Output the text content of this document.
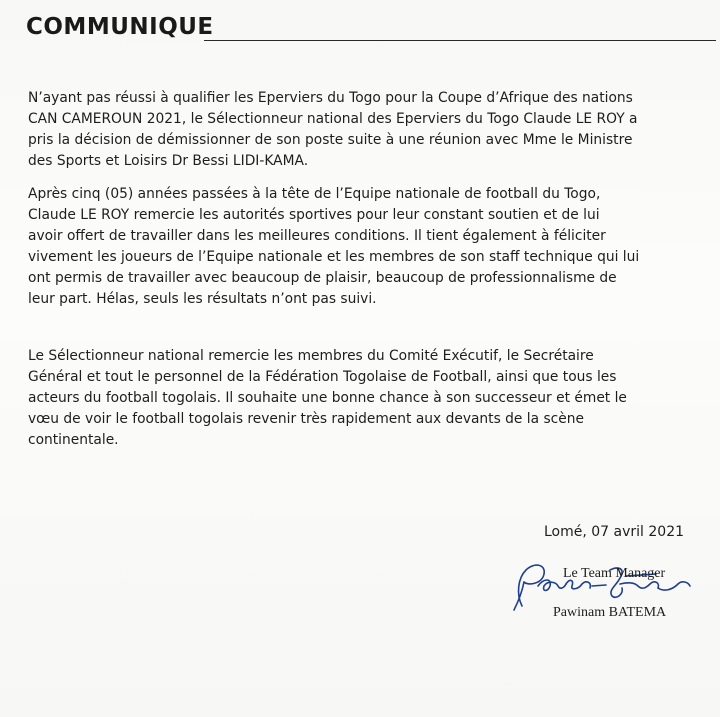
COMMUNIQUE

N’ayant pas réussi à qualifier les Eperviers du Togo pour la Coupe d’Afrique des nations
CAN CAMEROUN 2021, le Sélectionneur national des Eperviers du Togo Claude LE ROY a
pris la décision de démissionner de son poste suite à une réunion avec Mme le Ministre
des Sports et Loisirs Dr Bessi LIDI-KAMA.

Après cinq (05) années passées à la tête de l’Equipe nationale de football du Togo,
Claude LE ROY remercie les autorités sportives pour leur constant soutien et de lui
avoir offert de travailler dans les meilleures conditions. Il tient également à féliciter
vivement les joueurs de l’Equipe nationale et les membres de son staff technique qui lui
ont permis de travailler avec beaucoup de plaisir, beaucoup de professionnalisme de
leur part. Hélas, seuls les résultats n’ont pas suivi.

Le Sélectionneur national remercie les membres du Comité Exécutif, le Secrétaire
Général et tout le personnel de la Fédération Togolaise de Football, ainsi que tous les
acteurs du football togolais. Il souhaite une bonne chance à son successeur et émet le
vœu de voir le football togolais revenir très rapidement aux devants de la scène
continentale.

Lomé, 07 avril 2021
Le Team Manager
Pawinam BATEMA
